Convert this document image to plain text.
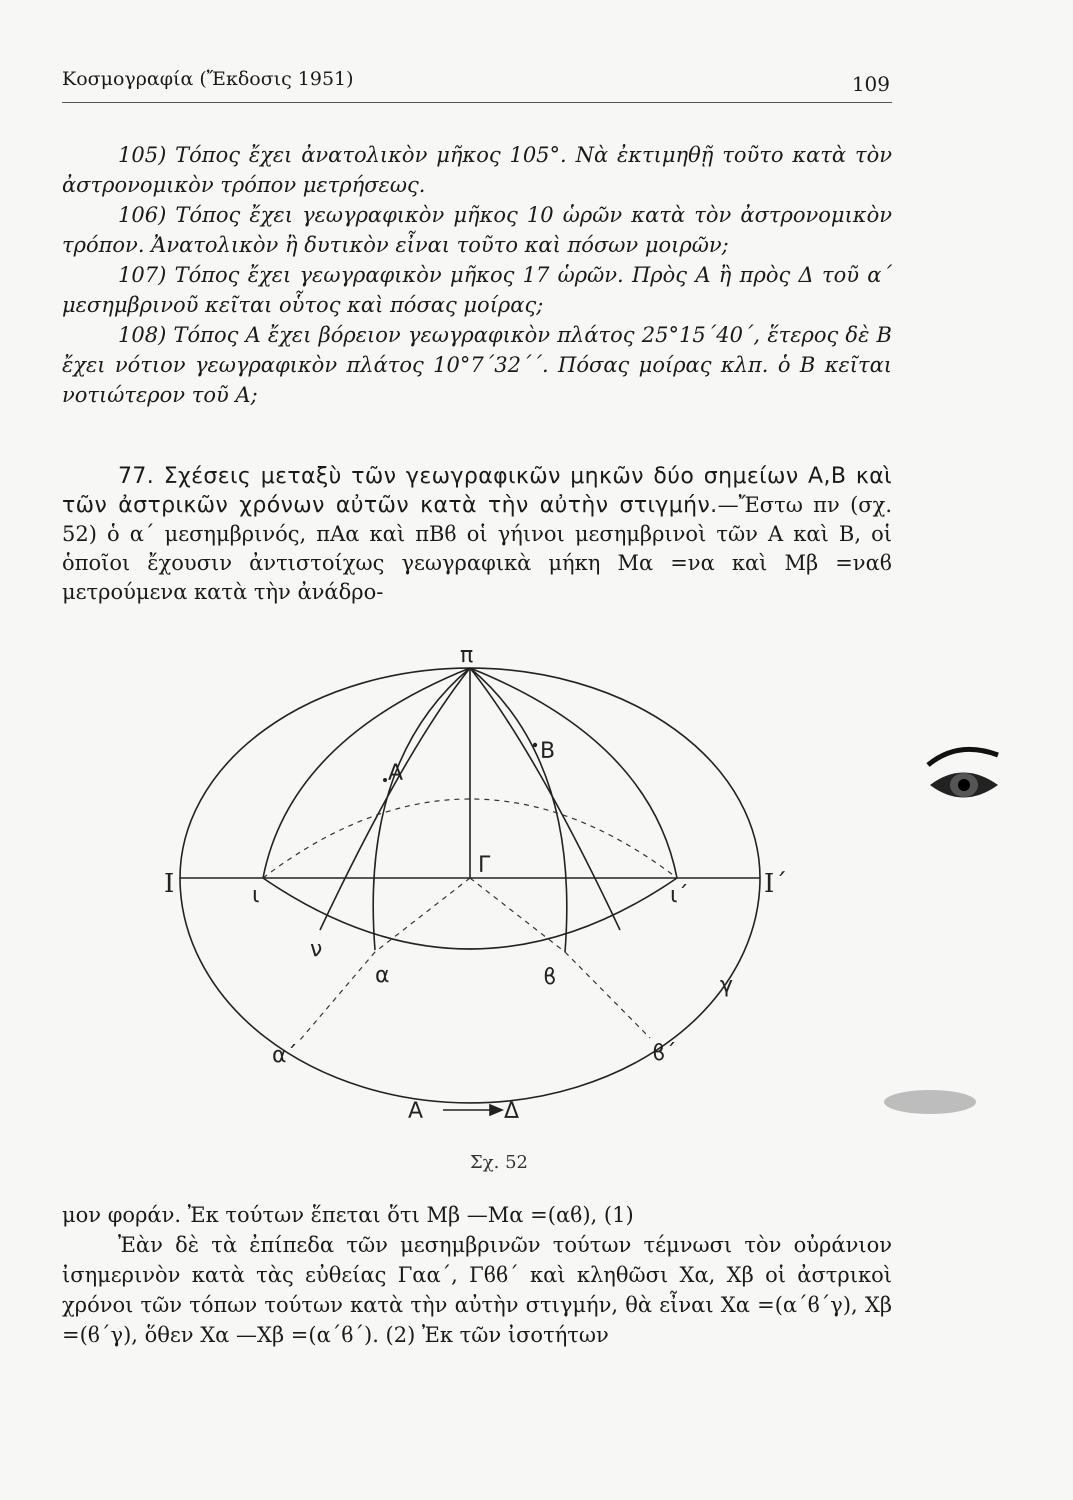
Κοσμογραφία (Ἔκδοσις 1951)	109

105) Τόπος ἔχει ἀνατολικὸν μῆκος 105°. Νὰ ἐκτιμηθῇ τοῦτο κατὰ τὸν ἀστρονομικὸν τρόπον μετρήσεως.

106) Τόπος ἔχει γεωγραφικὸν μῆκος 10 ὡρῶν κατὰ τὸν ἀστρονομικὸν τρόπον. Ἀνατολικὸν ἢ δυτικὸν εἶναι τοῦτο καὶ πόσων μοιρῶν;

107) Τόπος ἔχει γεωγραφικὸν μῆκος 17 ὡρῶν. Πρὸς Α ἢ πρὸς Δ τοῦ α΄ μεσημβρινοῦ κεῖται οὗτος καὶ πόσας μοίρας;

108) Τόπος Α ἔχει βόρειον γεωγραφικὸν πλάτος 25°15΄40΄, ἕτερος δὲ Β ἔχει νότιον γεωγραφικὸν πλάτος 10°7΄32΄΄. Πόσας μοίρας κλπ. ὁ Β κεῖται νοτιώτερον τοῦ Α;

77. Σχέσεις μεταξὺ τῶν γεωγραφικῶν μηκῶν δύο σημείων Α,Β καὶ τῶν ἀστρικῶν χρόνων αὐτῶν κατὰ τὴν αὐτὴν στιγμήν.—Ἔστω πν (σχ. 52) ὁ α΄ μεσημβρινός, πΑα καὶ πΒϐ οἱ γήινοι μεσημβρινοὶ τῶν Α καὶ Β, οἱ ὁποῖοι ἔχουσιν ἀντιστοίχως γεωγραφικὰ μήκη Mα =να καὶ Mβ =ναϐ μετρούμενα κατὰ τὴν ἀνάδρο-
π
Α
Β
Γ
Ι	Ι΄
ι	ι΄
ν
α	ϐ	γ
α΄	ϐ΄
Α	Δ
Σχ. 52

μον φοράν. Ἐκ τούτων ἕπεται ὅτι Mβ —Mα =(αϐ), (1)

Ἐὰν δὲ τὰ ἐπίπεδα τῶν μεσημβρινῶν τούτων τέμνωσι τὸν οὐράνιον ἰσημερινὸν κατὰ τὰς εὐθείας Γαα΄, Γϐϐ΄ καὶ κληθῶσι Xα, Xβ οἱ ἀστρικοὶ χρόνοι τῶν τόπων τούτων κατὰ τὴν αὐτὴν στιγμήν, θὰ εἶναι Xα =(α΄ϐ΄γ), Xβ =(ϐ΄γ), ὅθεν Xα —Xβ =(α΄ϐ΄). (2) Ἐκ τῶν ἰσοτήτων
